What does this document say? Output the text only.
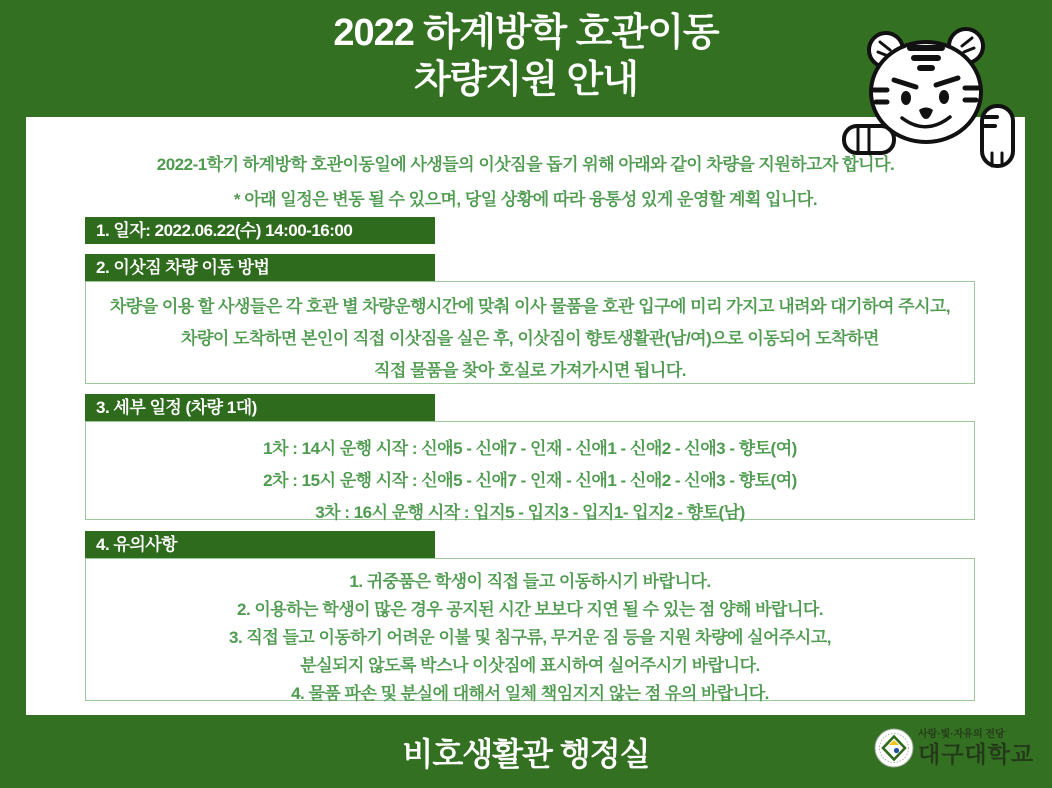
2022 하계방학 호관이동
차량지원 안내
2022-1학기 하계방학 호관이동일에 사생들의 이삿짐을 돕기 위해 아래와 같이 차량을 지원하고자 합니다.
* 아래 일정은 변동 될 수 있으며, 당일 상황에 따라 융통성 있게 운영할 계획 입니다.
1. 일자: 2022.06.22(수) 14:00-16:00
2. 이삿짐 차량 이동 방법
차량을 이용 할 사생들은 각 호관 별 차량운행시간에 맞춰 이사 물품을 호관 입구에 미리 가지고 내려와 대기하여 주시고,
차량이 도착하면 본인이 직접 이삿짐을 실은 후, 이삿짐이 향토생활관(남/여)으로 이동되어 도착하면
직접 물품을 찾아 호실로 가져가시면 됩니다.
3. 세부 일정 (차량 1대)
1차 : 14시 운행 시작 : 신애5 - 신애7 - 인재 - 신애1 - 신애2 - 신애3 - 향토(여)
2차 : 15시 운행 시작 : 신애5 - 신애7 - 인재 - 신애1 - 신애2 - 신애3 - 향토(여)
3차 : 16시 운행 시작 : 입지5 - 입지3 - 입지1- 입지2 - 향토(남)
4. 유의사항
1. 귀중품은 학생이 직접 들고 이동하시기 바랍니다.
2. 이용하는 학생이 많은 경우 공지된 시간 보보다 지연 될 수 있는 점 양해 바랍니다.
3. 직접 들고 이동하기 어려운 이불 및 침구류, 무거운 짐 등을 지원 차량에 실어주시고,
분실되지 않도록 박스나 이삿짐에 표시하여 실어주시기 바랍니다.
4. 물품 파손 및 분실에 대해서 일체 책임지지 않는 점 유의 바랍니다.
비호생활관 행정실
사랑·빛·자유의 전당
대구대학교
